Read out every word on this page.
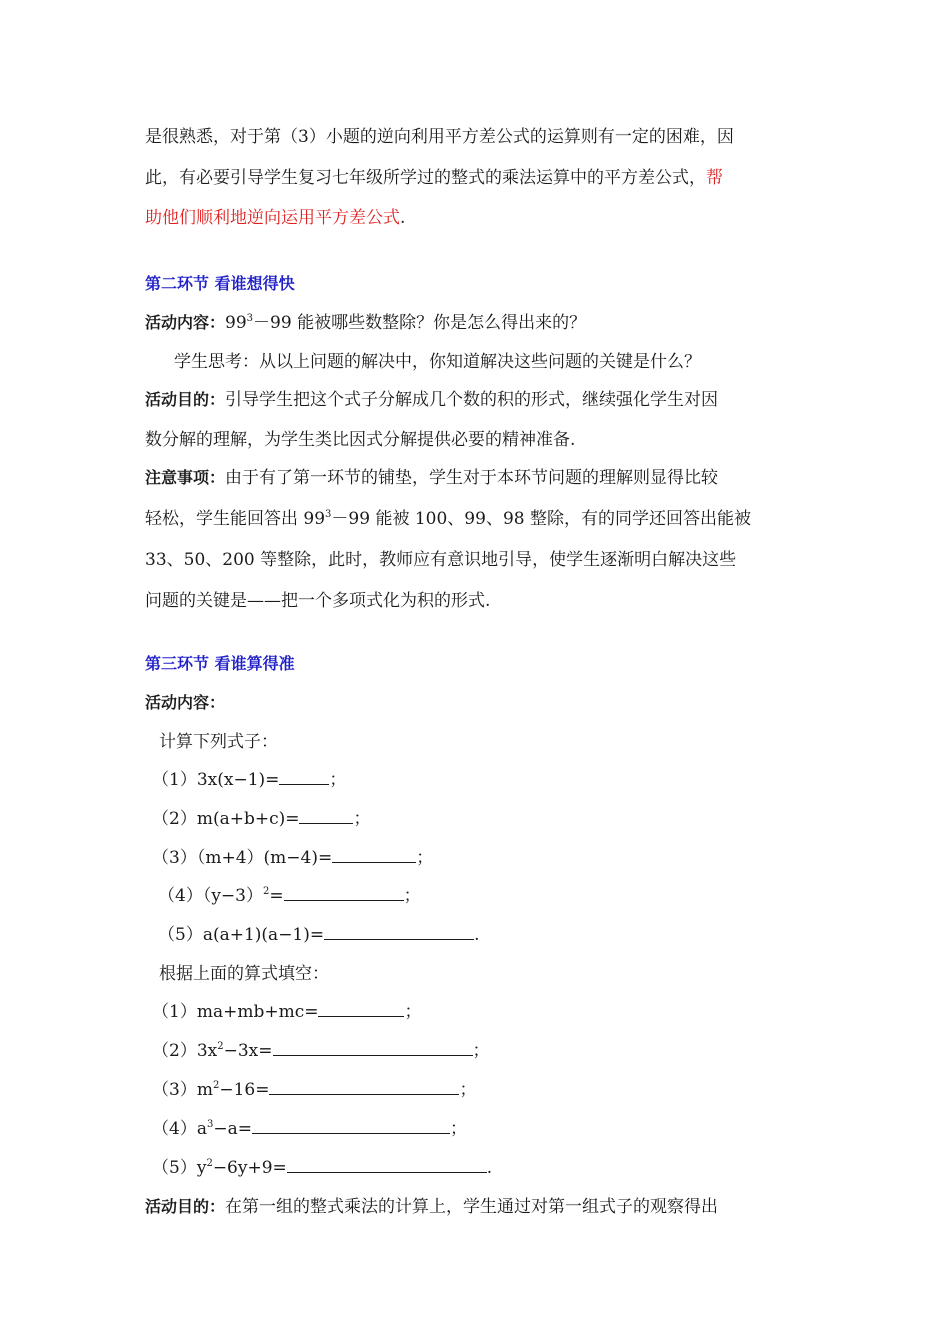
是很熟悉，对于第（3）小题的逆向利用平方差公式的运算则有一定的困难，因
此，有必要引导学生复习七年级所学过的整式的乘法运算中的平方差公式，帮
助他们顺利地逆向运用平方差公式.
第二环节 看谁想得快
活动内容：$99^3-99$ 能被哪些数整除？你是怎么得出来的？
学生思考：从以上问题的解决中，你知道解决这些问题的关键是什么？
活动目的：引导学生把这个式子分解成几个数的积的形式，继续强化学生对因
数分解的理解，为学生类比因式分解提供必要的精神准备.
注意事项：由于有了第一环节的铺垫，学生对于本环节问题的理解则显得比较
轻松，学生能回答出 $99^3-99$ 能被 100、99、98 整除，有的同学还回答出能被
33、50、200 等整除，此时，教师应有意识地引导，使学生逐渐明白解决这些
问题的关键是——把一个多项式化为积的形式.
第三环节 看谁算得准
活动内容：
计算下列式子：
（1）3x(x−1)=	；
（2）m(a+b+c)=	；
（3）（m+4）(m−4)=	；
$(4)(y-3)^2=$	；
（5）a(a+1)(a−1)=	.
根据上面的算式填空：
（1）ma+mb+mc=	；
$(2)3x^2-3x=$	；
$(3)m^2-16=$	；
$(4)a^3-a=$	；
$(5)y^2-6y+9=$	.
活动目的：在第一组的整式乘法的计算上，学生通过对第一组式子的观察得出
